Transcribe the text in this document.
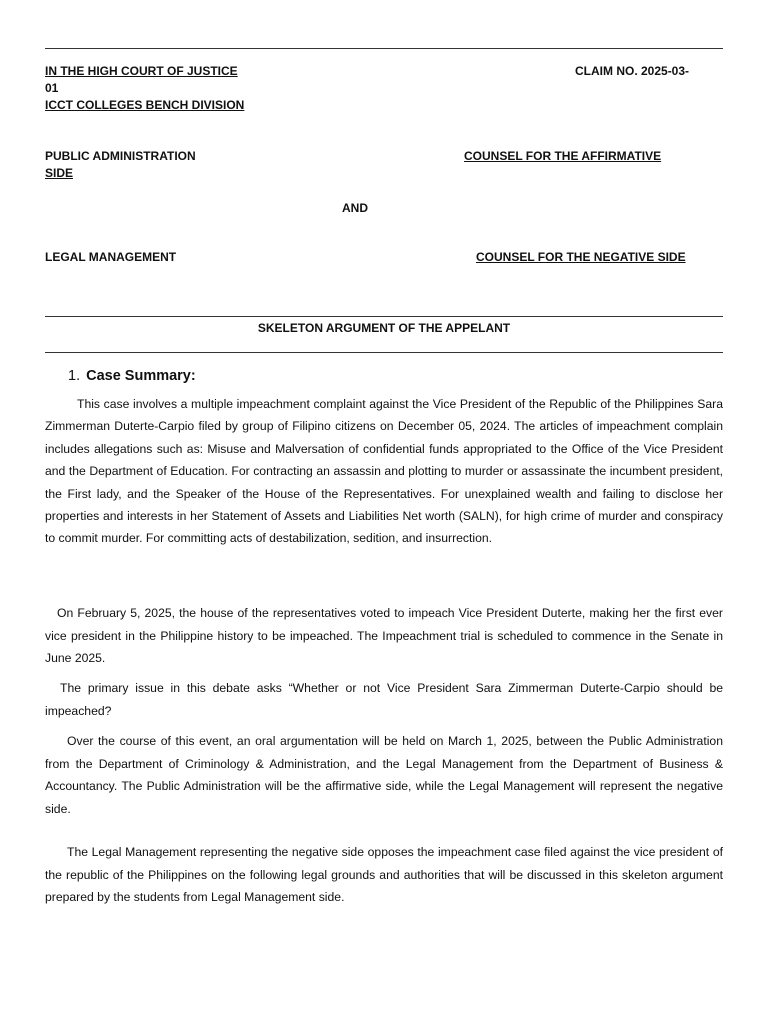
IN THE HIGH COURT OF JUSTICE	CLAIM NO. 2025-03-
01
ICCT COLLEGES BENCH DIVISION
PUBLIC ADMINISTRATION	COUNSEL FOR THE AFFIRMATIVE
SIDE
AND
LEGAL MANAGEMENT	COUNSEL FOR THE NEGATIVE SIDE
SKELETON ARGUMENT OF THE APPELANT
1. Case Summary:

This case involves a multiple impeachment complaint against the Vice President of the Republic of the Philippines Sara Zimmerman Duterte-Carpio filed by group of Filipino citizens on December 05, 2024. The articles of impeachment complain includes allegations such as: Misuse and Malversation of confidential funds appropriated to the Office of the Vice President and the Department of Education. For contracting an assassin and plotting to murder or assassinate the incumbent president, the First lady, and the Speaker of the House of the Representatives. For unexplained wealth and failing to disclose her properties and interests in her Statement of Assets and Liabilities Net worth (SALN), for high crime of murder and conspiracy to commit murder. For committing acts of destabilization, sedition, and insurrection.

On February 5, 2025, the house of the representatives voted to impeach Vice President Duterte, making her the first ever vice president in the Philippine history to be impeached. The Impeachment trial is scheduled to commence in the Senate in June 2025.

The primary issue in this debate asks “Whether or not Vice President Sara Zimmerman Duterte-Carpio should be impeached?

Over the course of this event, an oral argumentation will be held on March 1, 2025, between the Public Administration from the Department of Criminology & Administration, and the Legal Management from the Department of Business & Accountancy. The Public Administration will be the affirmative side, while the Legal Management will represent the negative side.

The Legal Management representing the negative side opposes the impeachment case filed against the vice president of the republic of the Philippines on the following legal grounds and authorities that will be discussed in this skeleton argument prepared by the students from Legal Management side.
